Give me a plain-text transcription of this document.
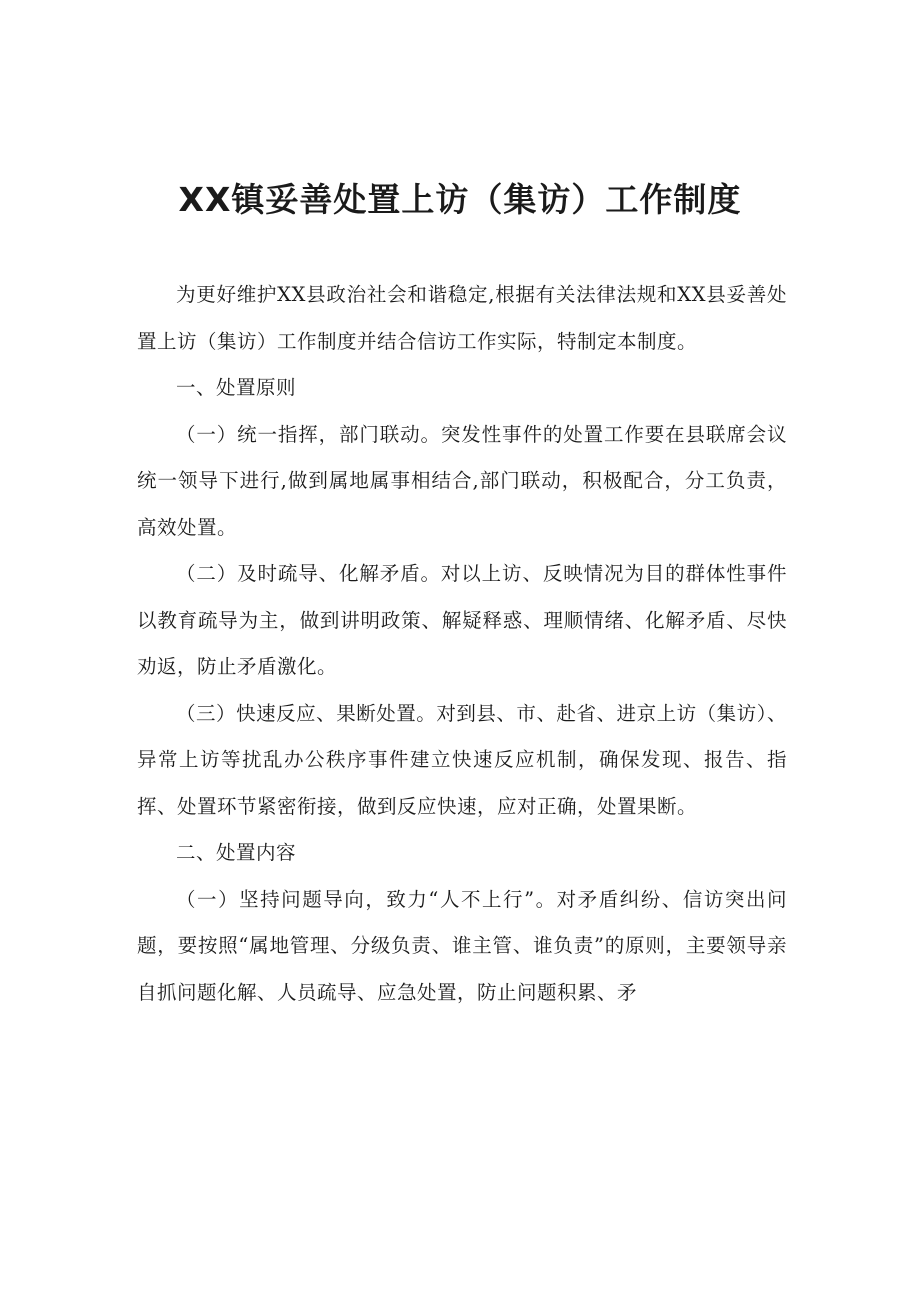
XX镇妥善处置上访（集访）工作制度

为更好维护XX县政治社会和谐稳定,根据有关法律法规和XX县妥善处置上访（集访）工作制度并结合信访工作实际，特制定本制度。

一、处置原则

（一）统一指挥，部门联动。突发性事件的处置工作要在县联席会议统一领导下进行,做到属地属事相结合,部门联动，积极配合，分工负责，高效处置。

（二）及时疏导、化解矛盾。对以上访、反映情况为目的群体性事件以教育疏导为主，做到讲明政策、解疑释惑、理顺情绪、化解矛盾、尽快劝返，防止矛盾激化。

（三）快速反应、果断处置。对到县、市、赴省、进京上访（集访）、异常上访等扰乱办公秩序事件建立快速反应机制，确保发现、报告、指挥、处置环节紧密衔接，做到反应快速，应对正确，处置果断。

二、处置内容

（一）坚持问题导向，致力“人不上行”。对矛盾纠纷、信访突出问题，要按照“属地管理、分级负责、谁主管、谁负责”的原则，主要领导亲自抓问题化解、人员疏导、应急处置，防止问题积累、矛
